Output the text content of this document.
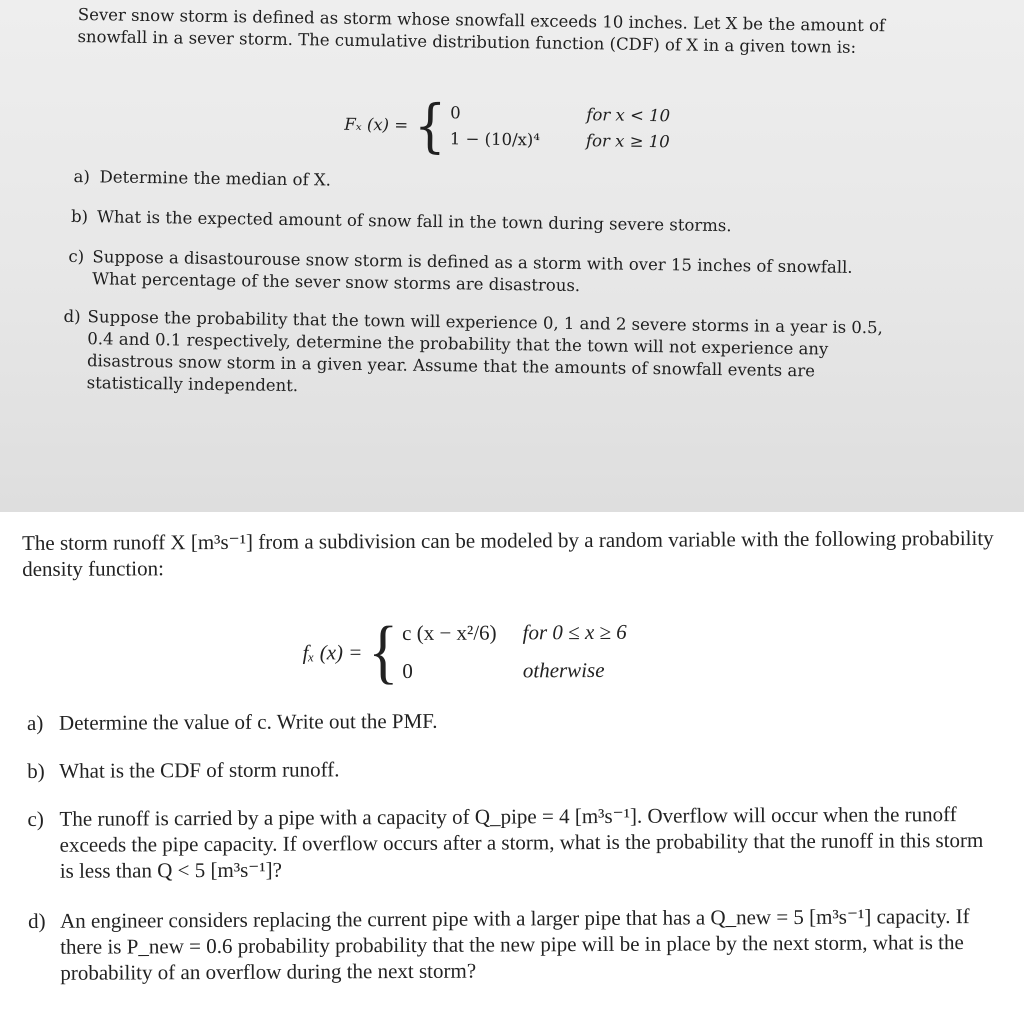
Sever snow storm is defined as storm whose snowfall exceeds 10 inches. Let X be the amount of snowfall in a sever storm. The cumulative distribution function (CDF) of X in a given town is:

Fₓ (x) = { 0	for x < 10
1 − (10/x)⁴	for x ≥ 10
a) Determine the median of X.
b) What is the expected amount of snow fall in the town during severe storms.
c) Suppose a disastourouse snow storm is defined as a storm with over 15 inches of snowfall. What percentage of the sever snow storms are disastrous.
d) Suppose the probability that the town will experience 0, 1 and 2 severe storms in a year is 0.5, 0.4 and 0.1 respectively, determine the probability that the town will not experience any disastrous snow storm in a given year. Assume that the amounts of snowfall events are statistically independent.

The storm runoff X [m³s⁻¹] from a subdivision can be modeled by a random variable with the following probability density function:

fₓ (x) = { c (x − x²/6) for 0 ≤ x ≥ 6
0	otherwise
a) Determine the value of c. Write out the PMF.
b) What is the CDF of storm runoff.
c) The runoff is carried by a pipe with a capacity of Q_pipe = 4 [m³s⁻¹]. Overflow will occur when the runoff exceeds the pipe capacity. If overflow occurs after a storm, what is the probability that the runoff in this storm is less than Q < 5 [m³s⁻¹]?
d) An engineer considers replacing the current pipe with a larger pipe that has a Q_new = 5 [m³s⁻¹] capacity. If there is P_new = 0.6 probability probability that the new pipe will be in place by the next storm, what is the probability of an overflow during the next storm?
